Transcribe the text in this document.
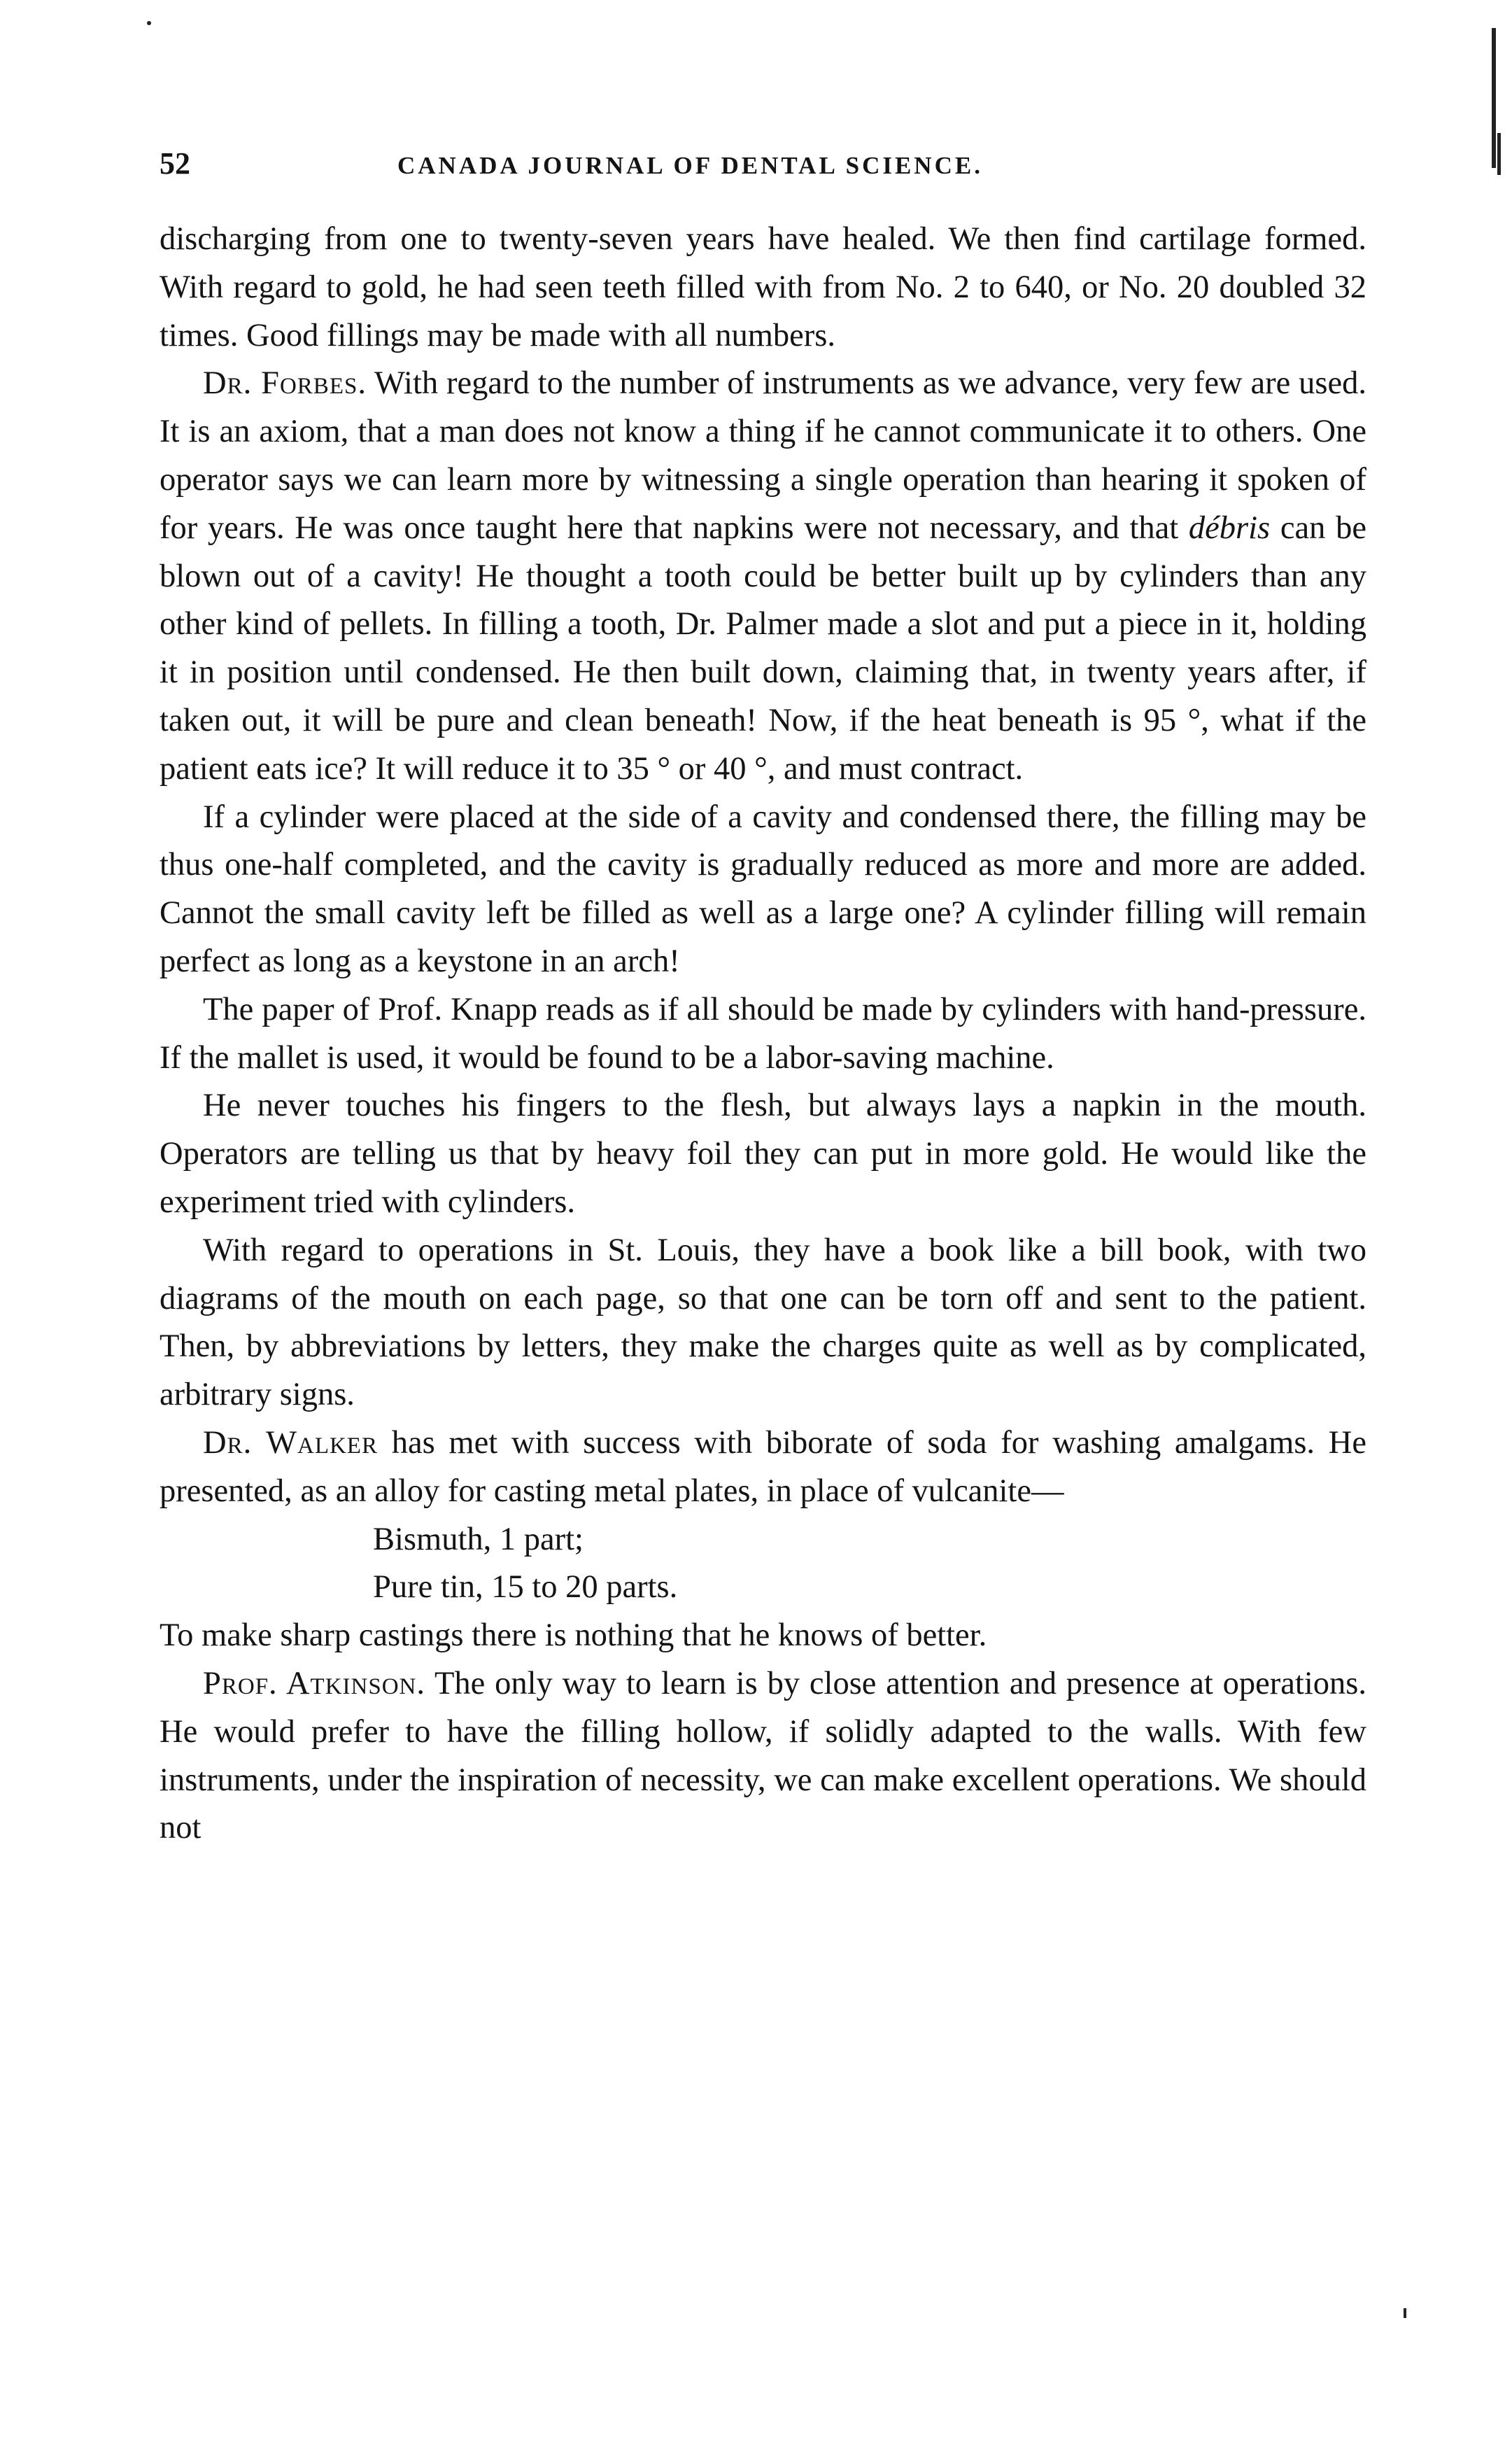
52	CANADA JOURNAL OF DENTAL SCIENCE.

discharging from one to twenty-seven years have healed. We then find cartilage formed. With regard to gold, he had seen teeth filled with from No. 2 to 640, or No. 20 doubled 32 times. Good fillings may be made with all numbers.

Dr. Forbes. With regard to the number of instruments as we advance, very few are used. It is an axiom, that a man does not know a thing if he cannot communicate it to others. One operator says we can learn more by witnessing a single operation than hearing it spoken of for years. He was once taught here that napkins were not necessary, and that débris can be blown out of a cavity! He thought a tooth could be better built up by cylinders than any other kind of pellets. In filling a tooth, Dr. Palmer made a slot and put a piece in it, holding it in position until condensed. He then built down, claiming that, in twenty years after, if taken out, it will be pure and clean beneath! Now, if the heat beneath is 95 °, what if the patient eats ice? It will reduce it to 35 ° or 40 °, and must contract.

If a cylinder were placed at the side of a cavity and condensed there, the filling may be thus one-half completed, and the cavity is gradually reduced as more and more are added. Cannot the small cavity left be filled as well as a large one? A cylinder filling will remain perfect as long as a keystone in an arch!

The paper of Prof. Knapp reads as if all should be made by cylinders with hand-pressure. If the mallet is used, it would be found to be a labor-saving machine.

He never touches his fingers to the flesh, but always lays a napkin in the mouth. Operators are telling us that by heavy foil they can put in more gold. He would like the experiment tried with cylinders.

With regard to operations in St. Louis, they have a book like a bill book, with two diagrams of the mouth on each page, so that one can be torn off and sent to the patient. Then, by abbreviations by letters, they make the charges quite as well as by complicated, arbitrary signs.

Dr. Walker has met with success with biborate of soda for washing amalgams. He presented, as an alloy for casting metal plates, in place of vulcanite—

Bismuth, 1 part;
Pure tin, 15 to 20 parts.

To make sharp castings there is nothing that he knows of better.

Prof. Atkinson. The only way to learn is by close attention and presence at operations. He would prefer to have the filling hollow, if solidly adapted to the walls. With few instruments, under the inspiration of necessity, we can make excellent operations. We should not
